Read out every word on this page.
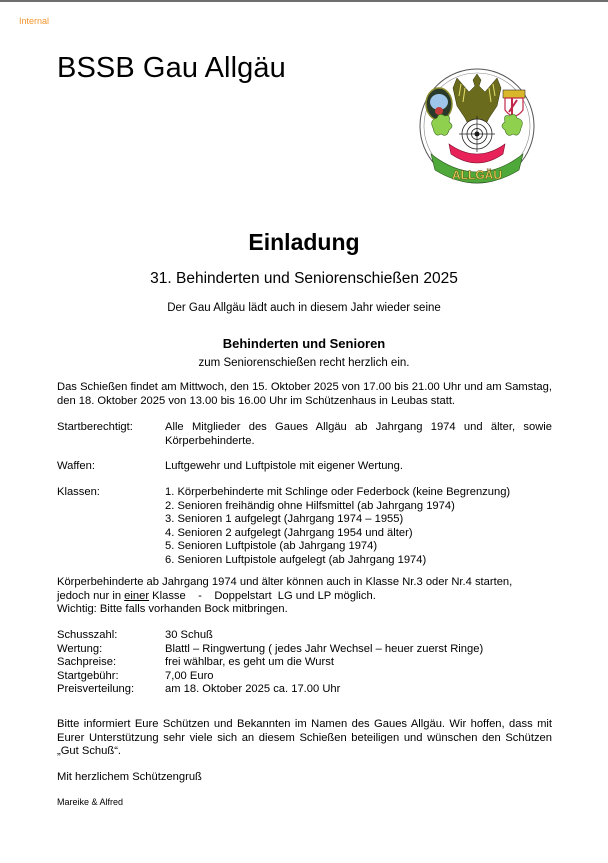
Internal
BSSB Gau Allgäu
ALLGÄU
Einladung
31. Behinderten und Seniorenschießen 2025
Der Gau Allgäu lädt auch in diesem Jahr wieder seine
Behinderten und Senioren
zum Seniorenschießen recht herzlich ein.
Das Schießen findet am Mittwoch, den 15. Oktober 2025 von 17.00 bis 21.00 Uhr und am Samstag, den 18. Oktober 2025 von 13.00 bis 16.00 Uhr im Schützenhaus in Leubas statt.
Startberechtigt:	Alle Mitglieder des Gaues Allgäu ab Jahrgang 1974 und älter, sowie Körperbehinderte.
Waffen:	Luftgewehr und Luftpistole mit eigener Wertung.
Klassen:	1. Körperbehinderte mit Schlinge oder Federbock (keine Begrenzung)
2. Senioren freihändig ohne Hilfsmittel (ab Jahrgang 1974)
3. Senioren 1 aufgelegt (Jahrgang 1974 – 1955)
4. Senioren 2 aufgelegt (Jahrgang 1954 und älter)
5. Senioren Luftpistole (ab Jahrgang 1974)
6. Senioren Luftpistole aufgelegt (ab Jahrgang 1974)
Körperbehinderte ab Jahrgang 1974 und älter können auch in Klasse Nr.3 oder Nr.4 starten,
jedoch nur in einer Klasse    -    Doppelstart  LG und LP möglich.
Wichtig: Bitte falls vorhanden Bock mitbringen.
Schusszahl:	30 Schuß
Wertung:	Blattl – Ringwertung ( jedes Jahr Wechsel – heuer zuerst Ringe)
Sachpreise:	frei wählbar, es geht um die Wurst
Startgebühr:	7,00 Euro
Preisverteilung:	am 18. Oktober 2025 ca. 17.00 Uhr
Bitte informiert Eure Schützen und Bekannten im Namen des Gaues Allgäu. Wir hoffen, dass mit Eurer Unterstützung sehr viele sich an diesem Schießen beteiligen und wünschen den Schützen „Gut Schuß“.
Mit herzlichem Schützengruß
Mareike & Alfred
